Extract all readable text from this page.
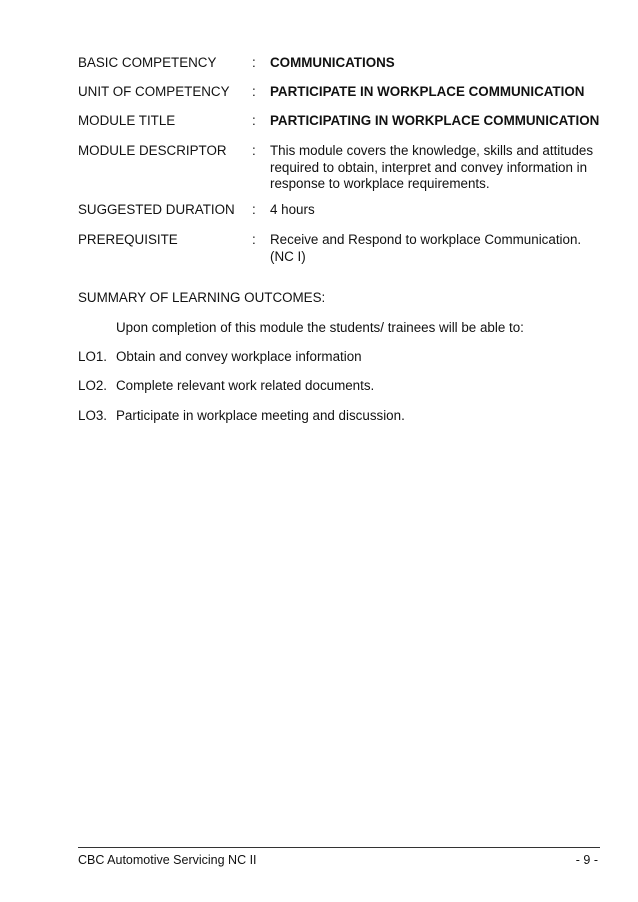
BASIC COMPETENCY	: COMMUNICATIONS
UNIT OF COMPETENCY	: PARTICIPATE IN WORKPLACE COMMUNICATION
MODULE TITLE	: PARTICIPATING IN WORKPLACE COMMUNICATION
MODULE DESCRIPTOR	: This module covers the knowledge, skills and attitudes required to obtain, interpret and convey information in response to workplace requirements.
SUGGESTED DURATION	: 4 hours
PREREQUISITE	: Receive and Respond to workplace Communication. (NC I)
SUMMARY OF LEARNING OUTCOMES:
Upon completion of this module the students/ trainees will be able to:
LO1. Obtain and convey workplace information
LO2. Complete relevant work related documents.
LO3. Participate in workplace meeting and discussion.
CBC Automotive Servicing NC II	- 9 -
